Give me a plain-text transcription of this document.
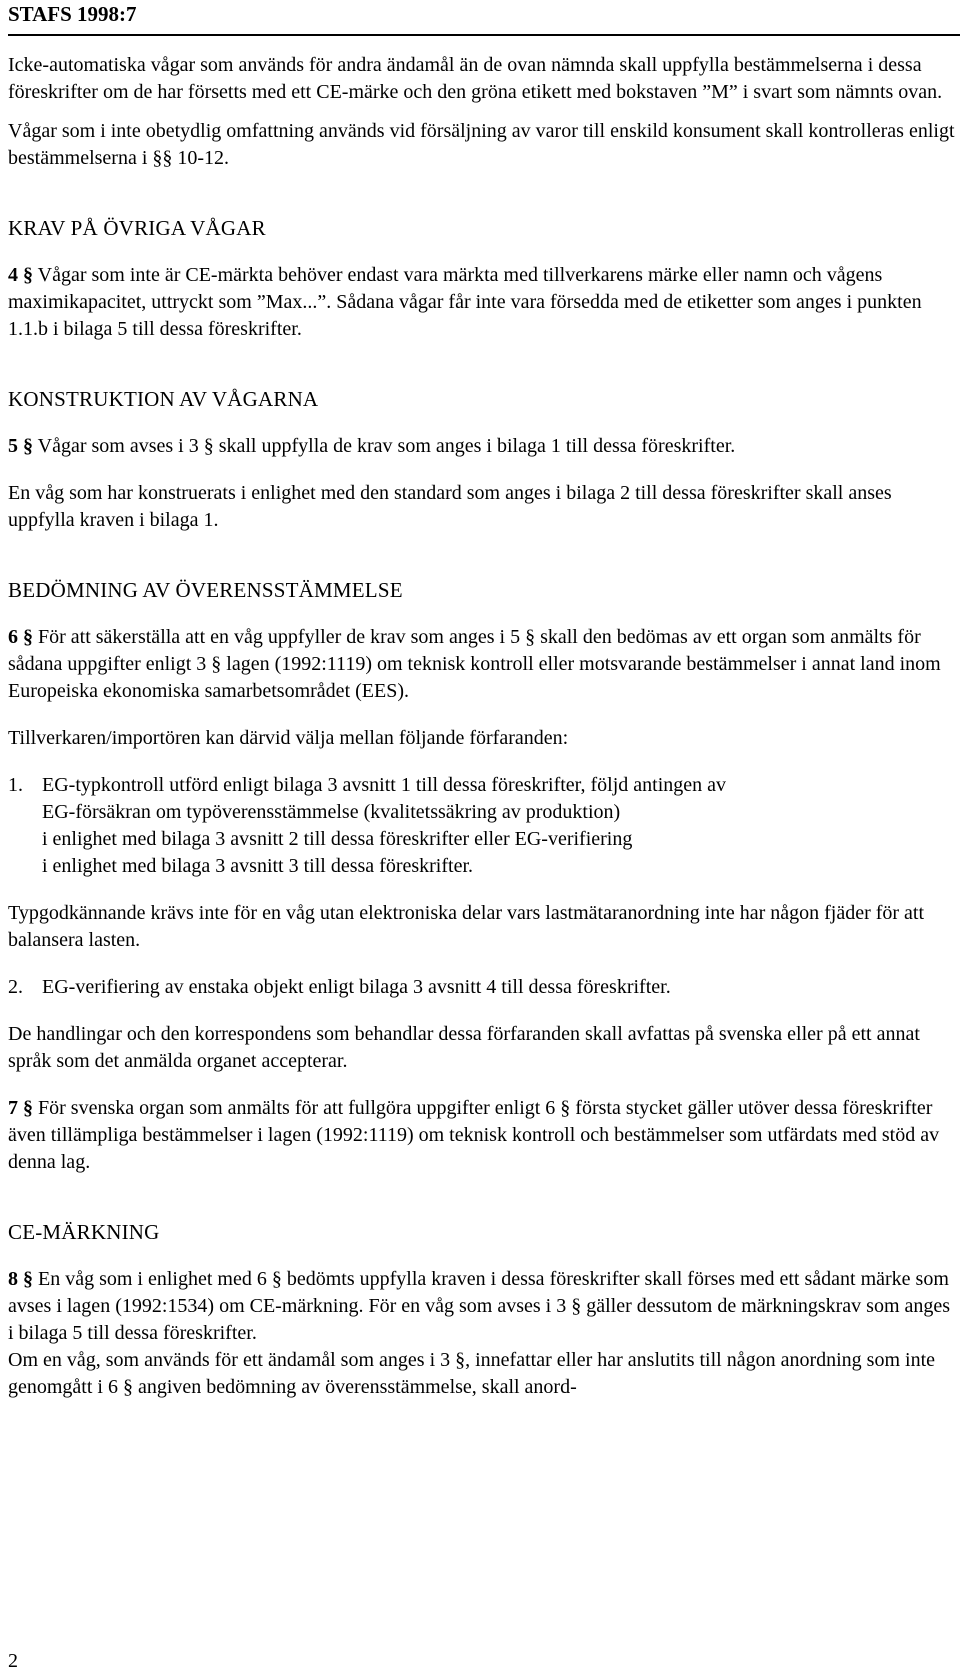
STAFS 1998:7

Icke-automatiska vågar som används för andra ändamål än de ovan nämnda skall uppfylla bestämmelserna i dessa föreskrifter om de har försetts med ett CE-märke och den gröna etikett med bokstaven ”M” i svart som nämnts ovan.

Vågar som i inte obetydlig omfattning används vid försäljning av varor till enskild konsument skall kontrolleras enligt bestämmelserna i §§ 10-12.

KRAV PÅ ÖVRIGA VÅGAR

4 § Vågar som inte är CE-märkta behöver endast vara märkta med tillverkarens märke eller namn och vågens maximikapacitet, uttryckt som ”Max...”. Sådana vågar får inte vara försedda med de etiketter som anges i punkten 1.1.b i bilaga 5 till dessa föreskrifter.

KONSTRUKTION AV VÅGARNA

5 § Vågar som avses i 3 § skall uppfylla de krav som anges i bilaga 1 till dessa föreskrifter.

En våg som har konstruerats i enlighet med den standard som anges i bilaga 2 till dessa föreskrifter skall anses uppfylla kraven i bilaga 1.

BEDÖMNING AV ÖVERENSSTÄMMELSE

6 § För att säkerställa att en våg uppfyller de krav som anges i 5 § skall den bedömas av ett organ som anmälts för sådana uppgifter enligt 3 § lagen (1992:1119) om teknisk kontroll eller motsvarande bestämmelser i annat land inom Europeiska ekonomiska samarbetsområdet (EES).

Tillverkaren/importören kan därvid välja mellan följande förfaranden:

1. EG-typkontroll utförd enligt bilaga 3 avsnitt 1 till dessa föreskrifter, följd antingen av
EG-försäkran om typöverensstämmelse (kvalitetssäkring av produktion)
i enlighet med bilaga 3 avsnitt 2 till dessa föreskrifter eller EG-verifiering
i enlighet med bilaga 3 avsnitt 3 till dessa föreskrifter.

Typgodkännande krävs inte för en våg utan elektroniska delar vars lastmätaranordning inte har någon fjäder för att balansera lasten.

2. EG-verifiering av enstaka objekt enligt bilaga 3 avsnitt 4 till dessa föreskrifter.

De handlingar och den korrespondens som behandlar dessa förfaranden skall avfattas på svenska eller på ett annat språk som det anmälda organet accepterar.

7 § För svenska organ som anmälts för att fullgöra uppgifter enligt 6 § första stycket gäller utöver dessa föreskrifter även tillämpliga bestämmelser i lagen (1992:1119) om teknisk kontroll och bestämmelser som utfärdats med stöd av denna lag.

CE-MÄRKNING

8 § En våg som i enlighet med 6 § bedömts uppfylla kraven i dessa föreskrifter skall förses med ett sådant märke som avses i lagen (1992:1534) om CE-märkning. För en våg som avses i 3 § gäller dessutom de märkningskrav som anges i bilaga 5 till dessa föreskrifter.

Om en våg, som används för ett ändamål som anges i 3 §, innefattar eller har anslutits till någon anordning som inte genomgått i 6 § angiven bedömning av överensstämmelse, skall anord-

2
